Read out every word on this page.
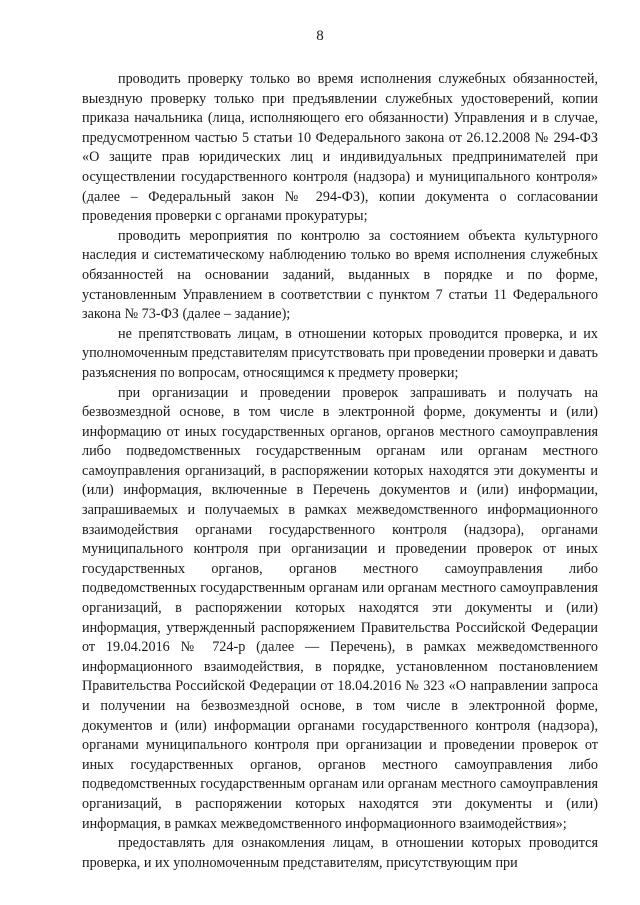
8

проводить проверку только во время исполнения служебных обязанностей, выездную проверку только при предъявлении служебных удостоверений, копии приказа начальника (лица, исполняющего его обязанности) Управления и в случае, предусмотренном частью 5 статьи 10 Федерального закона от 26.12.2008 № 294-ФЗ «О защите прав юридических лиц и индивидуальных предпринимателей при осуществлении государственного контроля (надзора) и муниципального контроля» (далее – Федеральный закон № 294-ФЗ), копии документа о согласовании проведения проверки с органами прокуратуры;

проводить мероприятия по контролю за состоянием объекта культурного наследия и систематическому наблюдению только во время исполнения служебных обязанностей на основании заданий, выданных в порядке и по форме, установленным Управлением в соответствии с пунктом 7 статьи 11 Федерального закона № 73-ФЗ (далее – задание);

не препятствовать лицам, в отношении которых проводится проверка, и их уполномоченным представителям присутствовать при проведении проверки и давать разъяснения по вопросам, относящимся к предмету проверки;

при организации и проведении проверок запрашивать и получать на безвозмездной основе, в том числе в электронной форме, документы и (или) информацию от иных государственных органов, органов местного самоуправления либо подведомственных государственным органам или органам местного самоуправления организаций, в распоряжении которых находятся эти документы и (или) информация, включенные в Перечень документов и (или) информации, запрашиваемых и получаемых в рамках межведомственного информационного взаимодействия органами государственного контроля (надзора), органами муниципального контроля при организации и проведении проверок от иных государственных органов, органов местного самоуправления либо подведомственных государственным органам или органам местного самоуправления организаций, в распоряжении которых находятся эти документы и (или) информация, утвержденный распоряжением Правительства Российской Федерации от 19.04.2016 № 724-р (далее — Перечень), в рамках межведомственного информационного взаимодействия, в порядке, установленном постановлением Правительства Российской Федерации от 18.04.2016 № 323 «О направлении запроса и получении на безвозмездной основе, в том числе в электронной форме, документов и (или) информации органами государственного контроля (надзора), органами муниципального контроля при организации и проведении проверок от иных государственных органов, органов местного самоуправления либо подведомственных государственным органам или органам местного самоуправления организаций, в распоряжении которых находятся эти документы и (или) информация, в рамках межведомственного информационного взаимодействия»;

предоставлять для ознакомления лицам, в отношении которых проводится проверка, и их уполномоченным представителям, присутствующим при
